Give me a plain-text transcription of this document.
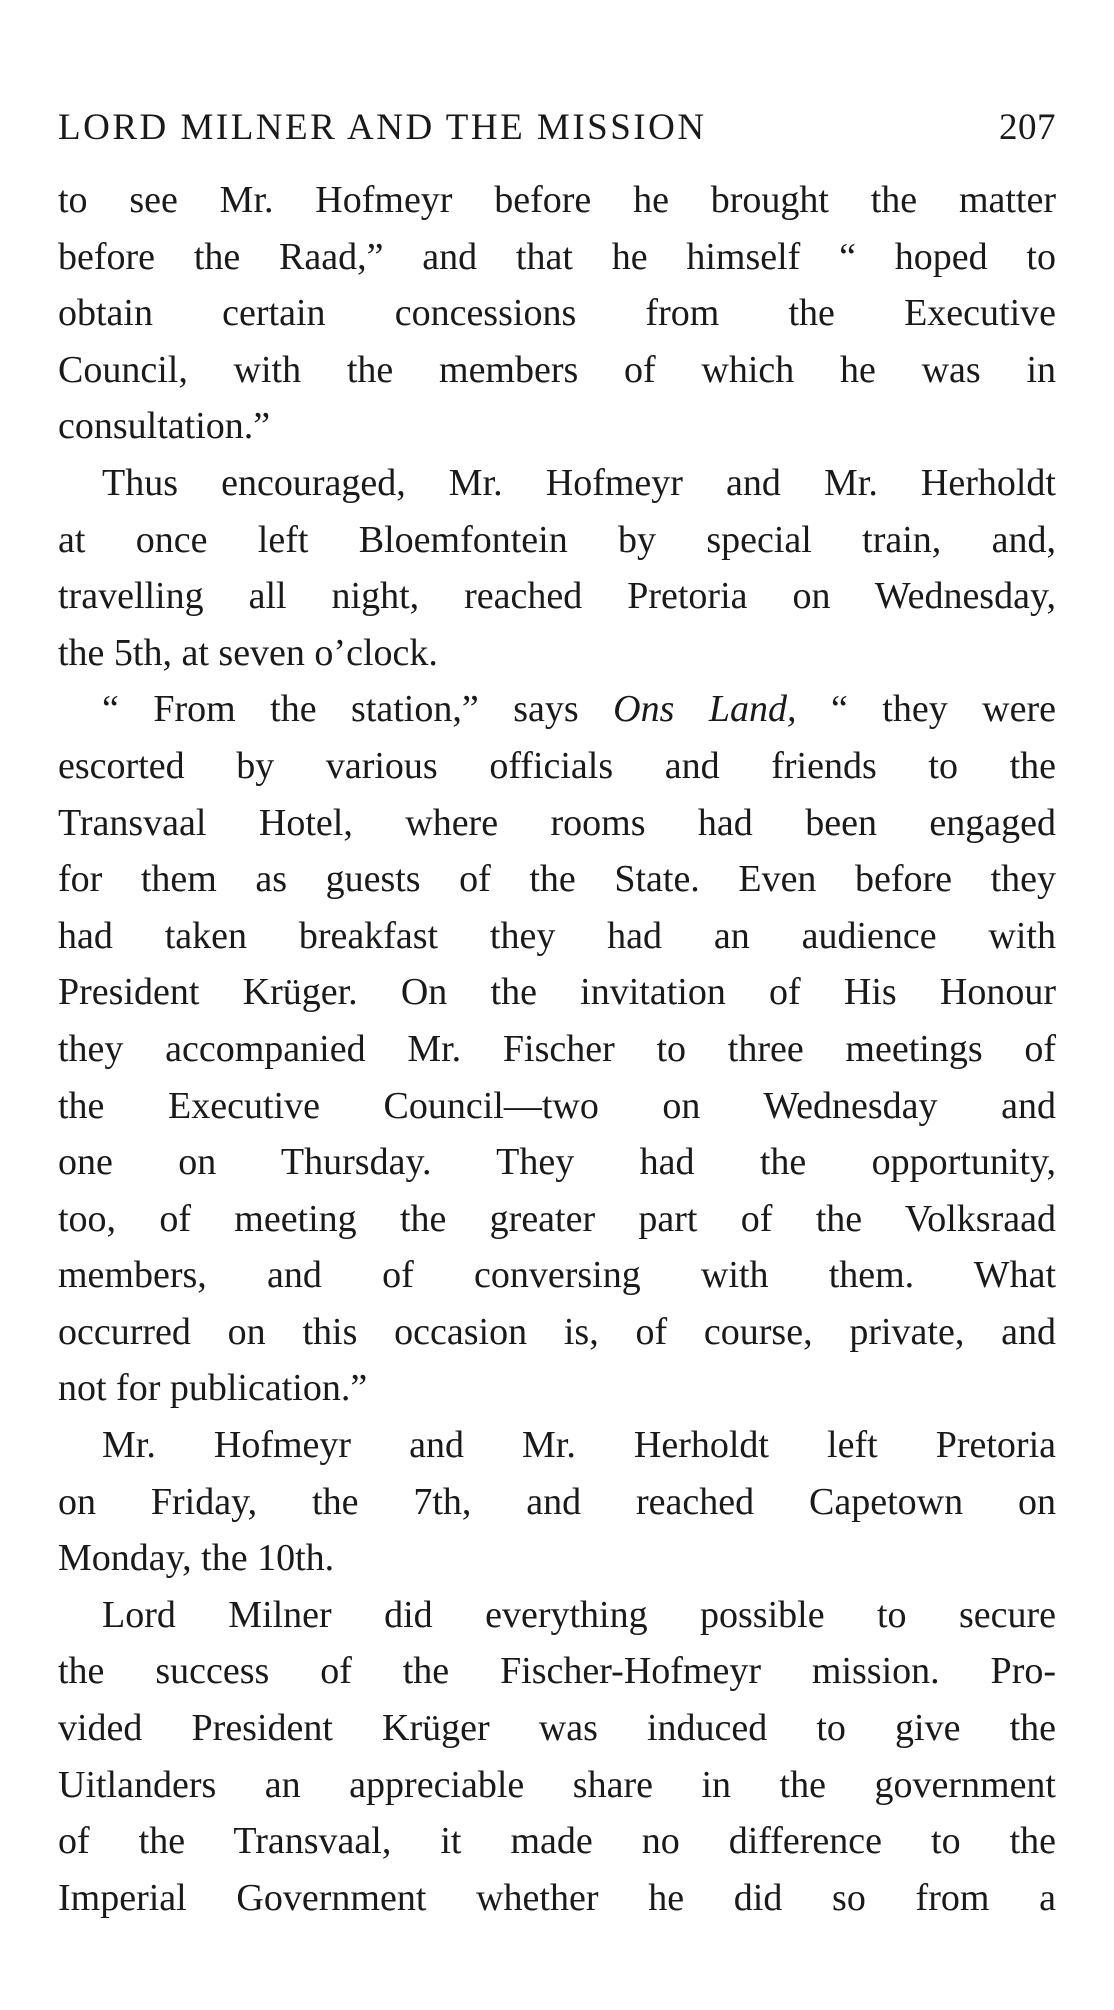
LORD MILNER AND THE MISSION	207
to see Mr. Hofmeyr before he brought the matter
before the Raad,” and that he himself “ hoped to
obtain certain concessions from the Executive
Council, with the members of which he was in
consultation.”
Thus encouraged, Mr. Hofmeyr and Mr. Herholdt
at once left Bloemfontein by special train, and,
travelling all night, reached Pretoria on Wednesday,
the 5th, at seven o’clock.
“ From the station,” says Ons Land, “ they were
escorted by various officials and friends to the
Transvaal Hotel, where rooms had been engaged
for them as guests of the State. Even before they
had taken breakfast they had an audience with
President Krüger. On the invitation of His Honour
they accompanied Mr. Fischer to three meetings of
the Executive Council—two on Wednesday and
one on Thursday. They had the opportunity,
too, of meeting the greater part of the Volksraad
members, and of conversing with them. What
occurred on this occasion is, of course, private, and
not for publication.”
Mr. Hofmeyr and Mr. Herholdt left Pretoria
on Friday, the 7th, and reached Capetown on
Monday, the 10th.
Lord Milner did everything possible to secure
the success of the Fischer-Hofmeyr mission. Pro-
vided President Krüger was induced to give the
Uitlanders an appreciable share in the government
of the Transvaal, it made no difference to the
Imperial Government whether he did so from a
